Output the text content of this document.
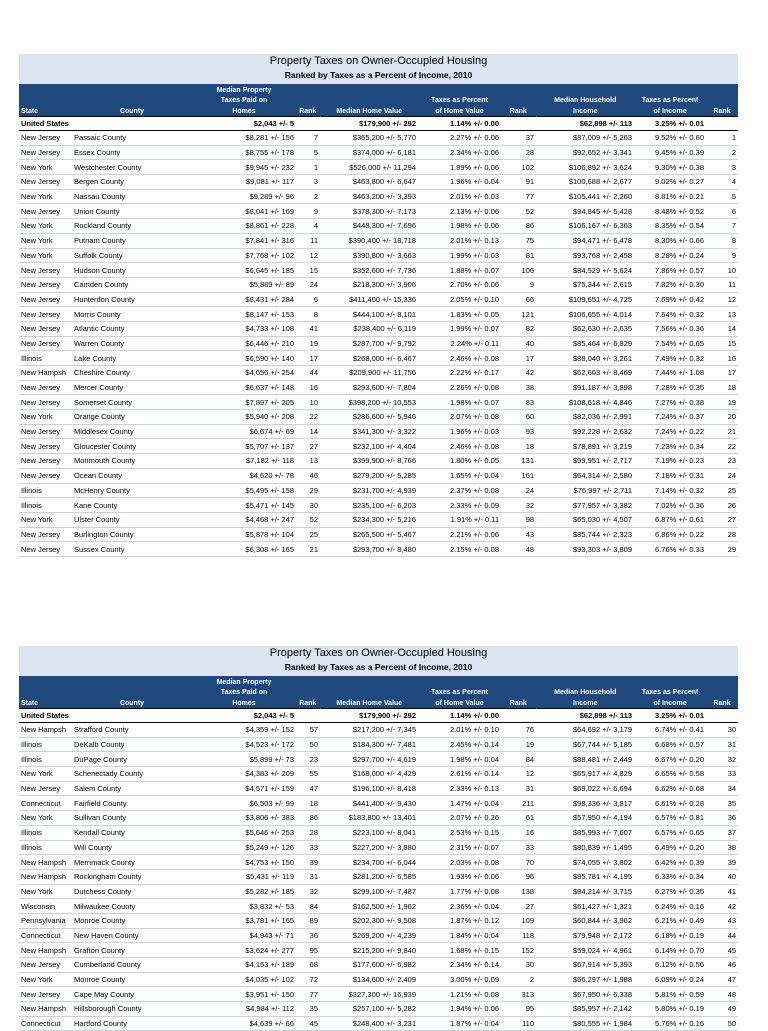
Property Taxes on Owner-Occupied Housing
Ranked by Taxes as a Percent of Income, 2010
		Median Property							
		Taxes Paid on			Taxes as Percent		Median Household	Taxes as Percent	
State	County	Homes	Rank	Median Home Value	of Home Value	Rank	Income	of Income	Rank
United States		$2,043 +/- 5		$179,900 +/- 292	1.14% +/- 0.00		$62,898 +/- 113	3.25% +/- 0.01	
New Jersey	Passaic County	$8,281 +/- 156	7	$365,200 +/- 5,770	2.27% +/- 0.06	37	$87,009 +/- 5,263	9.52% +/- 0.60	1
New Jersey	Essex County	$8,755 +/- 178	5	$374,000 +/- 6,181	2.34% +/- 0.06	28	$92,652 +/- 3,341	9.45% +/- 0.39	2
New York	Westchester County	$9,945 +/- 232	1	$526,000 +/- 11,294	1.89% +/- 0.06	102	$106,892 +/- 3,624	9.30% +/- 0.38	3
New Jersey	Bergen County	$9,081 +/- 117	3	$463,800 +/- 6,647	1.96% +/- 0.04	91	$100,688 +/- 2,677	9.02% +/- 0.27	4
New York	Nassau County	$9,289 +/- 96	2	$463,200 +/- 3,393	2.01% +/- 0.03	77	$105,441 +/- 2,260	8.81% +/- 0.21	5
New Jersey	Union County	$8,041 +/- 169	9	$378,300 +/- 7,173	2.13% +/- 0.06	52	$94,845 +/- 5,428	8.48% +/- 0.52	6
New York	Rockland County	$8,861 +/- 228	4	$448,300 +/- 7,696	1.98% +/- 0.06	86	$106,167 +/- 6,363	8.35% +/- 0.54	7
New York	Putnam County	$7,841 +/- 316	11	$390,400 +/- 18,718	2.01% +/- 0.13	75	$94,471 +/- 6,478	8.30% +/- 0.66	8
New York	Suffolk County	$7,768 +/- 102	12	$390,800 +/- 3,663	1.99% +/- 0.03	81	$93,768 +/- 2,458	8.28% +/- 0.24	9
New Jersey	Hudson County	$6,645 +/- 185	15	$352,600 +/- 7,736	1.88% +/- 0.07	106	$84,529 +/- 5,624	7.86% +/- 0.57	10
New Jersey	Camden County	$5,889 +/- 89	24	$218,300 +/- 3,906	2.70% +/- 0.06	9	$75,344 +/- 2,615	7.82% +/- 0.30	11
New Jersey	Hunterdon County	$8,431 +/- 284	6	$411,400 +/- 15,336	2.05% +/- 0.10	66	$109,651 +/- 4,725	7.69% +/- 0.42	12
New Jersey	Morris County	$8,147 +/- 153	8	$444,100 +/- 8,101	1.83% +/- 0.05	121	$106,655 +/- 4,014	7.64% +/- 0.32	13
New Jersey	Atlantic County	$4,733 +/- 108	41	$238,400 +/- 6,119	1.99% +/- 0.07	82	$62,630 +/- 2,635	7.56% +/- 0.36	14
New Jersey	Warren County	$6,446 +/- 210	19	$287,700 +/- 9,792	2.24% +/- 0.11	40	$85,464 +/- 6,829	7.54% +/- 0.65	15
Illinois	Lake County	$6,590 +/- 140	17	$268,000 +/- 6,467	2.46% +/- 0.08	17	$88,040 +/- 3,261	7.49% +/- 0.32	16
New Hampsh	Cheshire County	$4,656 +/- 254	44	$209,900 +/- 11,756	2.22% +/- 0.17	42	$62,603 +/- 8,469	7.44% +/- 1.08	17
New Jersey	Mercer County	$6,637 +/- 148	16	$293,600 +/- 7,804	2.26% +/- 0.08	38	$91,187 +/- 3,898	7.28% +/- 0.35	18
New Jersey	Somerset County	$7,897 +/- 205	10	$398,200 +/- 10,553	1.98% +/- 0.07	83	$108,618 +/- 4,846	7.27% +/- 0.38	19
New York	Orange County	$5,940 +/- 208	22	$286,600 +/- 5,946	2.07% +/- 0.08	60	$82,036 +/- 2,991	7.24% +/- 0.37	20
New Jersey	Middlesex County	$6,674 +/- 69	14	$341,300 +/- 3,322	1.96% +/- 0.03	93	$92,228 +/- 2,632	7.24% +/- 0.22	21
New Jersey	Gloucester County	$5,707 +/- 137	27	$232,100 +/- 4,404	2.46% +/- 0.08	18	$78,891 +/- 3,219	7.23% +/- 0.34	22
New Jersey	Monmouth County	$7,182 +/- 118	13	$399,900 +/- 8,766	1.80% +/- 0.05	131	$99,951 +/- 2,717	7.19% +/- 0.23	23
New Jersey	Ocean County	$4,620 +/- 78	46	$279,200 +/- 5,285	1.65% +/- 0.04	161	$64,314 +/- 2,580	7.18% +/- 0.31	24
Illinois	McHenry County	$5,495 +/- 158	29	$231,700 +/- 4,939	2.37% +/- 0.08	24	$76,997 +/- 2,711	7.14% +/- 0.32	25
Illinois	Kane County	$5,471 +/- 145	30	$235,100 +/- 6,203	2.33% +/- 0.09	32	$77,957 +/- 3,382	7.02% +/- 0.36	26
New York	Ulster County	$4,468 +/- 247	52	$234,300 +/- 5,216	1.91% +/- 0.11	98	$65,030 +/- 4,507	6.87% +/- 0.61	27
New Jersey	Burlington County	$5,878 +/- 104	25	$265,500 +/- 5,467	2.21% +/- 0.06	43	$85,744 +/- 2,323	6.86% +/- 0.22	28
New Jersey	Sussex County	$6,308 +/- 165	21	$293,700 +/- 8,480	2.15% +/- 0.08	48	$93,303 +/- 3,809	6.76% +/- 0.33	29
Property Taxes on Owner-Occupied Housing
Ranked by Taxes as a Percent of Income, 2010
		Median Property							
		Taxes Paid on			Taxes as Percent		Median Household	Taxes as Percent	
State	County	Homes	Rank	Median Home Value	of Home Value	Rank	Income	of Income	Rank
United States		$2,043 +/- 5		$179,900 +/- 292	1.14% +/- 0.00		$62,898 +/- 113	3.25% +/- 0.01	
New Hampsh	Strafford County	$4,359 +/- 152	57	$217,200 +/- 7,345	2.01% +/- 0.10	76	$64,692 +/- 3,179	6.74% +/- 0.41	30
Illinois	DeKalb County	$4,523 +/- 172	50	$184,300 +/- 7,481	2.45% +/- 0.14	19	$67,744 +/- 5,185	6.68% +/- 0.57	31
Illinois	DuPage County	$5,899 +/- 73	23	$297,700 +/- 4,619	1.98% +/- 0.04	84	$88,481 +/- 2,449	6.67% +/- 0.20	32
New York	Schenectady County	$4,383 +/- 209	55	$168,000 +/- 4,429	2.61% +/- 0.14	12	$65,917 +/- 4,829	6.65% +/- 0.58	33
New Jersey	Salem County	$4,571 +/- 159	47	$196,100 +/- 8,418	2.33% +/- 0.13	31	$69,022 +/- 6,694	6.62% +/- 0.68	34
Connecticut	Fairfield County	$6,503 +/- 99	18	$441,400 +/- 9,430	1.47% +/- 0.04	211	$98,336 +/- 3,817	6.61% +/- 0.28	35
New York	Sullivan County	$3,806 +/- 383	86	$183,800 +/- 13,401	2.07% +/- 0.26	61	$57,950 +/- 4,194	6.57% +/- 0.81	36
Illinois	Kendall County	$5,646 +/- 253	28	$223,100 +/- 8,041	2.53% +/- 0.15	16	$85,993 +/- 7,607	6.57% +/- 0.65	37
Illinois	Will County	$5,249 +/- 126	33	$227,200 +/- 3,880	2.31% +/- 0.07	33	$80,839 +/- 1,495	6.49% +/- 0.20	38
New Hampsh	Merrimack County	$4,753 +/- 150	39	$234,700 +/- 6,044	2.03% +/- 0.08	70	$74,055 +/- 3,802	6.42% +/- 0.39	39
New Hampsh	Rockingham County	$5,431 +/- 119	31	$281,200 +/- 6,585	1.93% +/- 0.06	96	$85,781 +/- 4,195	6.33% +/- 0.34	40
New York	Dutchess County	$5,282 +/- 185	32	$299,100 +/- 7,487	1.77% +/- 0.08	138	$84,214 +/- 3,715	6.27% +/- 0.35	41
Wisconsin	Milwaukee County	$3,832 +/- 53	84	$162,500 +/- 1,962	2.36% +/- 0.04	27	$61,427 +/- 1,321	6.24% +/- 0.16	42
Pennsylvania	Monroe County	$3,781 +/- 165	89	$202,300 +/- 9,508	1.87% +/- 0.12	109	$60,844 +/- 3,962	6.21% +/- 0.49	43
Connecticut	New Haven County	$4,943 +/- 71	36	$269,200 +/- 4,239	1.84% +/- 0.04	118	$79,948 +/- 2,172	6.18% +/- 0.19	44
New Hampsh	Grafton County	$3,624 +/- 277	95	$215,200 +/- 9,840	1.68% +/- 0.15	152	$59,024 +/- 4,961	6.14% +/- 0.70	45
New Jersey	Cumberland County	$4,153 +/- 189	68	$177,600 +/- 6,982	2.34% +/- 0.14	30	$67,914 +/- 5,393	6.12% +/- 0.56	46
New York	Monroe County	$4,035 +/- 102	72	$134,600 +/- 2,409	3.00% +/- 0.09	2	$66,297 +/- 1,988	6.09% +/- 0.24	47
New Jersey	Cape May County	$3,951 +/- 150	77	$327,300 +/- 16,939	1.21% +/- 0.08	313	$67,950 +/- 6,338	5.81% +/- 0.59	48
New Hampsh	Hillsborough County	$4,984 +/- 112	35	$257,100 +/- 5,282	1.94% +/- 0.06	95	$85,957 +/- 2,142	5.80% +/- 0.19	49
Connecticut	Hartford County	$4,639 +/- 66	45	$248,400 +/- 3,231	1.87% +/- 0.04	110	$80,555 +/- 1,984	5.76% +/- 0.16	50
